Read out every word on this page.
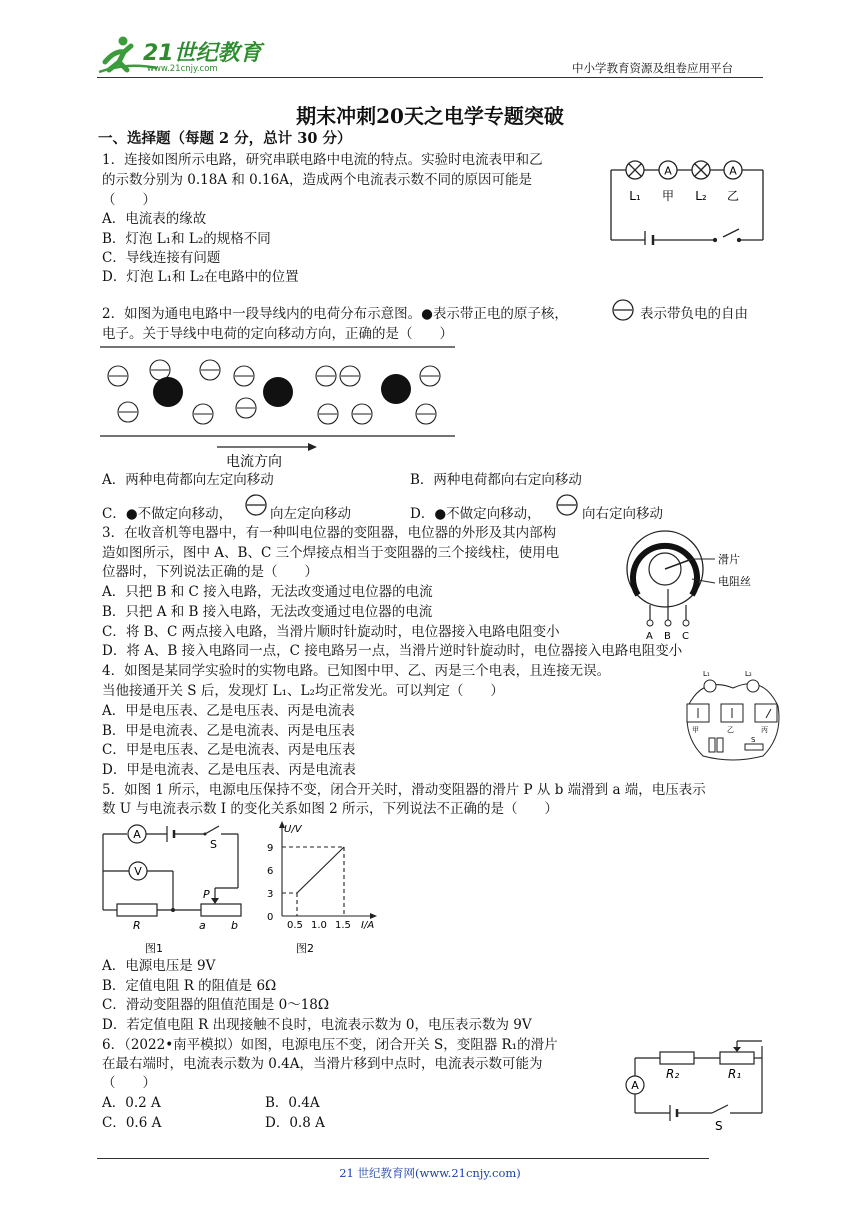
21世纪教育
www.21cnjy.com	中小学教育资源及组卷应用平台
期末冲刺20天之电学专题突破
一、选择题（每题 2 分，总计 30 分）
1．连接如图所示电路，研究串联电路中电流的特点。实验时电流表甲和乙
的示数分别为 0.18A 和 0.16A，造成两个电流表示数不同的原因可能是
（　　）
A．电流表的缘故
B．灯泡 L₁和 L₂的规格不同
C．导线连接有问题
D．灯泡 L₁和 L₂在电路中的位置
A	A
L₁ 甲 L₂ 乙
2．如图为通电电路中一段导线内的电荷分布示意图。●表示带正电的原子核，	表示带负电的自由
电子。关于导线中电荷的定向移动方向，正确的是（　　）
电流方向
A．两种电荷都向左定向移动	B．两种电荷都向右定向移动
C．●不做定向移动，	向左定向移动	D．●不做定向移动，	向右定向移动
3．在收音机等电器中，有一种叫电位器的变阻器，电位器的外形及其内部构
造如图所示，图中 A、B、C 三个焊接点相当于变阻器的三个接线柱，使用电
位器时，下列说法正确的是（　　）
A．只把 B 和 C 接入电路，无法改变通过电位器的电流
B．只把 A 和 B 接入电路，无法改变通过电位器的电流
C．将 B、C 两点接入电路，当滑片顺时针旋动时，电位器接入电路电阻变小
D．将 A、B 接入电路同一点，C 接电路另一点，当滑片逆时针旋动时，电位器接入电路电阻变小
滑片
电阻丝
A B C
4．如图是某同学实验时的实物电路。已知图中甲、乙、丙是三个电表，且连接无误。
当他接通开关 S 后，发现灯 L₁、L₂均正常发光。可以判定（　　）
A．甲是电压表、乙是电压表、丙是电流表
B．甲是电流表、乙是电流表、丙是电压表
C．甲是电压表、乙是电流表、丙是电压表
D．甲是电流表、乙是电压表、丙是电流表
L₁	L₂
甲	乙	丙
S
5．如图 1 所示，电源电压保持不变，闭合开关时，滑动变阻器的滑片 P 从 b 端滑到 a 端，电压表示
数 U 与电流表示数 I 的变化关系如图 2 所示，下列说法不正确的是（　　）
A
V
S
P
R	a b
图1
U/V
I/A
9
6
3
0
0.5 1.0 1.5
图2
A．电源电压是 9V
B．定值电阻 R 的阻值是 6Ω
C．滑动变阻器的阻值范围是 0～18Ω
D．若定值电阻 R 出现接触不良时，电流表示数为 0，电压表示数为 9V
6．（2022•南平模拟）如图，电源电压不变，闭合开关 S，变阻器 R₁的滑片
在最右端时，电流表示数为 0.4A，当滑片移到中点时，电流表示数可能为
（　　）
A．0.2 A	B．0.4A
C．0.6 A	D．0.8 A
R₂	R₁
A
S
21 世纪教育网(www.21cnjy.com)
